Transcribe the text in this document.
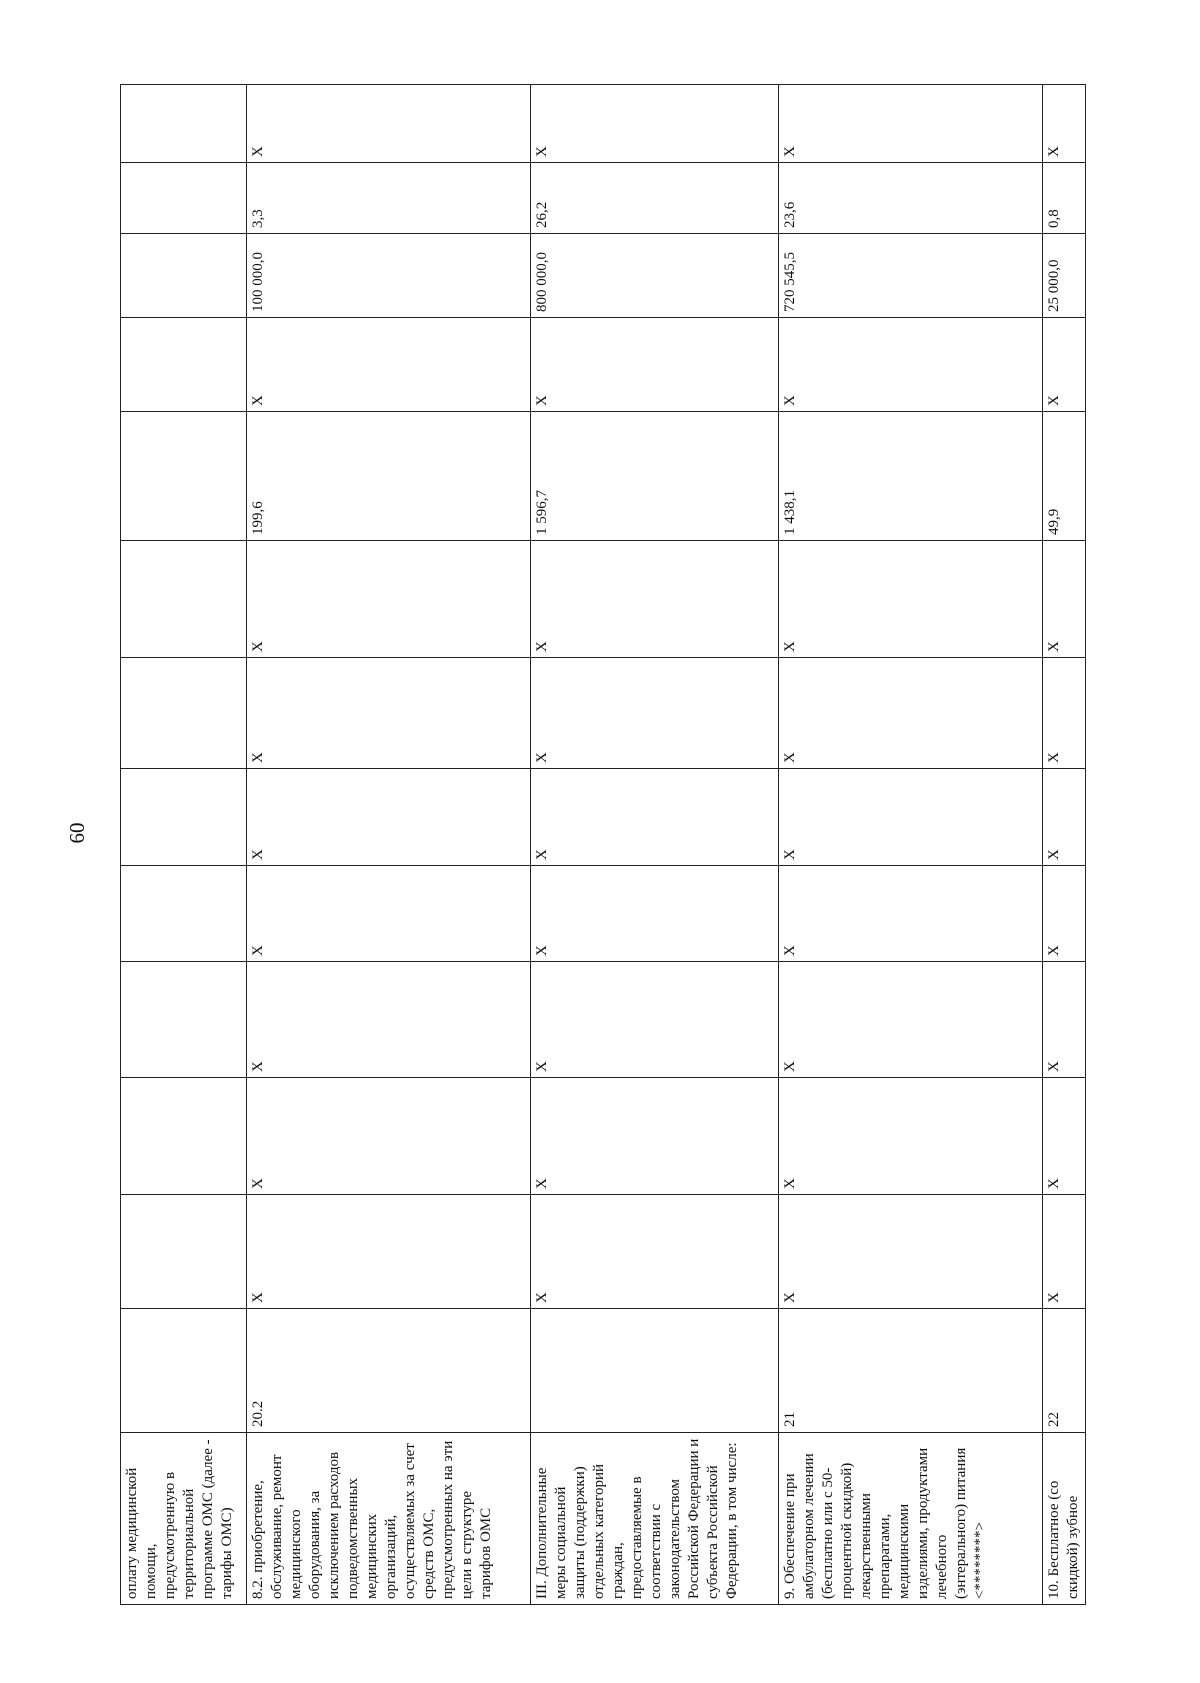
60
оплату медицинской помощи, предусмотренную в территориальной программе ОМС (далее - тарифы ОМС)														
8.2. приобретение, обслуживание, ремонт медицинского оборудования, за исключением расходов подведомственных медицинских организаций, осуществляемых за счет средств ОМС, предусмотренных на эти цели в структуре тарифов ОМС	20.2	X	X	X	X	X	X	X	199,6	X	100 000,0	3,3	X	
III. Дополнительные меры социальной защиты (поддержки) отдельных категорий граждан, предоставляемые в соответствии с законодательством Российской Федерации и субъекта Российской Федерации, в том числе:		X	X	X	X	X	X	X	1 596,7	X	800 000,0	26,2	X	
9. Обеспечение при амбулаторном лечении (бесплатно или с 50-процентной скидкой) лекарственными препаратами, медицинскими изделиями, продуктами лечебного (энтерального) питания <********>	21	X	X	X	X	X	X	X	1 438,1	X	720 545,5	23,6	X	
10. Бесплатное (со скидкой) зубное	22	X	X	X	X	X	X	X	49,9	X	25 000,0	0,8	X	
